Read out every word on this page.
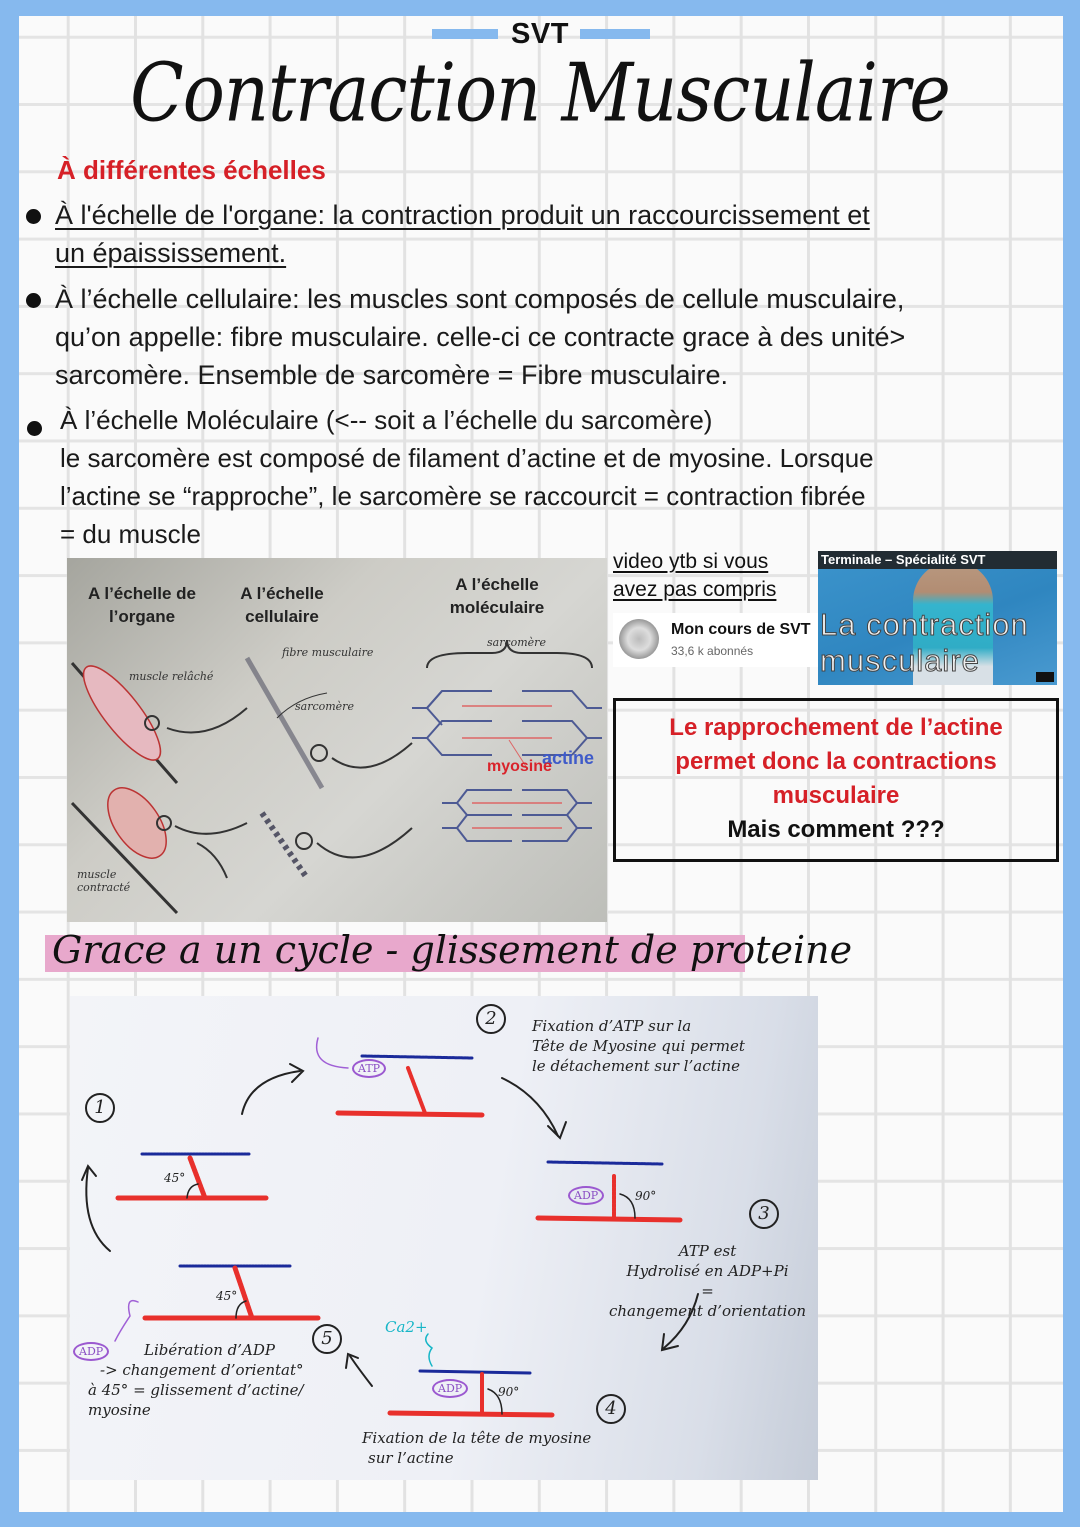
SVT
Contraction Musculaire
À différentes échelles
À l'échelle de l'organe: la contraction produit un raccourcissement et
un épaississement.
À l’échelle cellulaire: les muscles sont composés de cellule musculaire,
qu’on appelle: fibre musculaire. celle-ci ce contracte grace à des unité>
sarcomère. Ensemble de sarcomère = Fibre musculaire.
À l’échelle Moléculaire (<-- soit a l’échelle du sarcomère)
le sarcomère est composé de filament d’actine et de myosine. Lorsque
l’actine se “rapproche”, le sarcomère se raccourcit = contraction fibrée
= du muscle
A l’échelle de
l’organe
A l’échelle
cellulaire
A l’échelle
moléculaire
muscle relâché
fibre musculaire
sarcomère
sarcomère
muscle contracté
actine
myosine
video ytb si vous
avez pas compris
Mon cours de SVT
33,6 k abonnés
Terminale – Spécialité SVT
La contraction
musculaire
Le rapprochement de l’actine
permet donc la contractions
musculaire
Mais comment ???
Grace a un cycle - glissement de proteine
1
2
3
4
5
45°
90°
90°
45°
ATP
ADP
ADP
ADP
Ca2+
Fixation d’ATP sur la
Tête de Myosine qui permet
le détachement sur l’actine
ATP est
Hydrolisé en ADP+Pi
=
changement d’orientation
Fixation de la tête de myosine
sur l’actine
Libération d’ADP
-> changement d’orientat°
à 45° = glissement d’actine/
myosine
